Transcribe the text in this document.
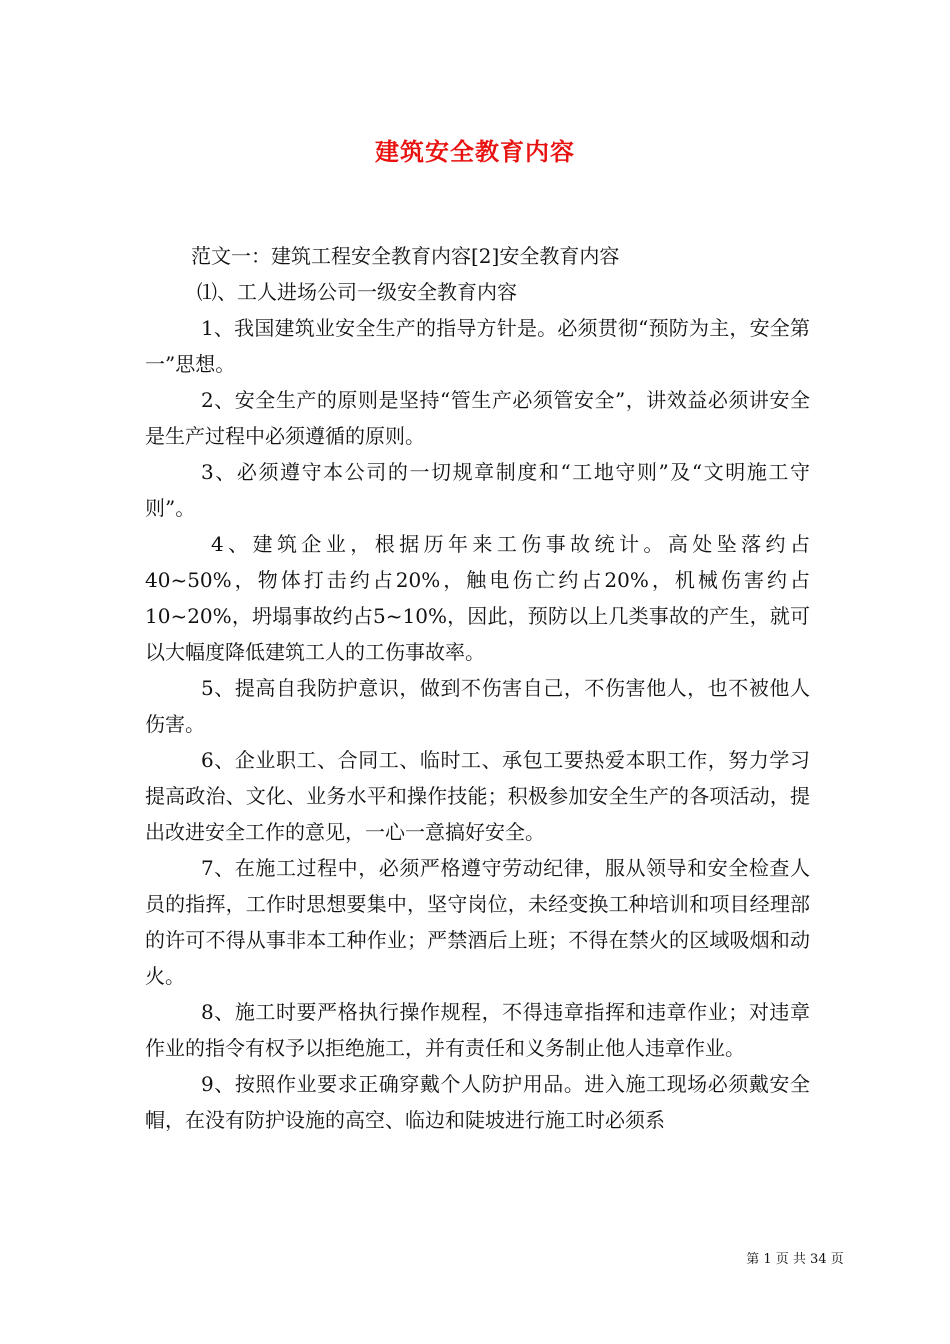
建筑安全教育内容

范文一：建筑工程安全教育内容[2]安全教育内容

⑴、工人进场公司一级安全教育内容

1、我国建筑业安全生产的指导方针是。必须贯彻“预防为主，安全第一”思想。

2、安全生产的原则是坚持“管生产必须管安全”，讲效益必须讲安全是生产过程中必须遵循的原则。

3、必须遵守本公司的一切规章制度和“工地守则”及“文明施工守则”。

4、建筑企业，根据历年来工伤事故统计。高处坠落约占40~50%，物体打击约占20%，触电伤亡约占20%，机械伤害约占10~20%，坍塌事故约占5~10%，因此，预防以上几类事故的产生，就可以大幅度降低建筑工人的工伤事故率。

5、提高自我防护意识，做到不伤害自己，不伤害他人，也不被他人伤害。

6、企业职工、合同工、临时工、承包工要热爱本职工作，努力学习提高政治、文化、业务水平和操作技能；积极参加安全生产的各项活动，提出改进安全工作的意见，一心一意搞好安全。

7、在施工过程中，必须严格遵守劳动纪律，服从领导和安全检查人员的指挥，工作时思想要集中，坚守岗位，未经变换工种培训和项目经理部的许可不得从事非本工种作业；严禁酒后上班；不得在禁火的区域吸烟和动火。

8、施工时要严格执行操作规程，不得违章指挥和违章作业；对违章作业的指令有权予以拒绝施工，并有责任和义务制止他人违章作业。

9、按照作业要求正确穿戴个人防护用品。进入施工现场必须戴安全帽，在没有防护设施的高空、临边和陡坡进行施工时必须系

第 1 页 共 34 页
